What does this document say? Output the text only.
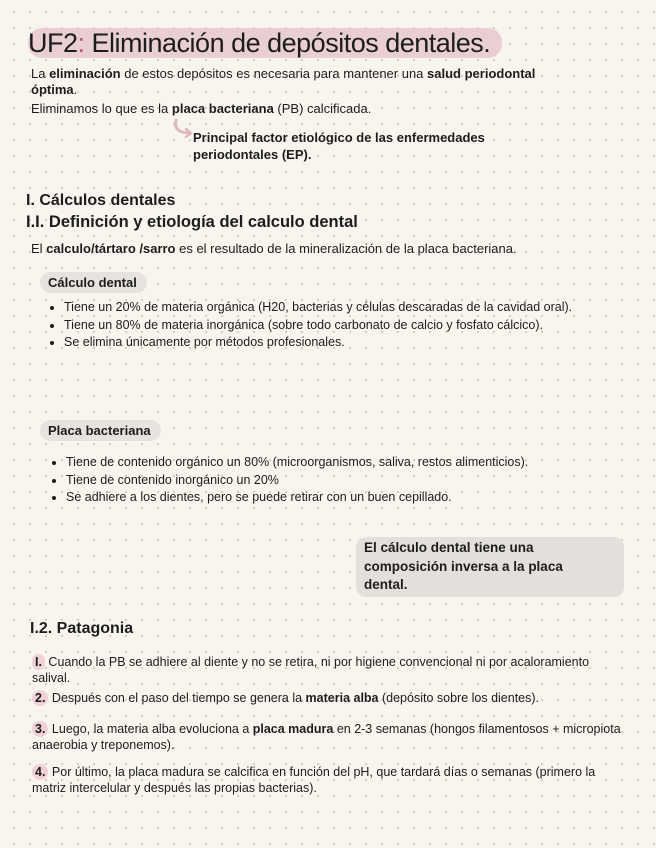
UF2: Eliminación de depósitos dentales.
La eliminación de estos depósitos es necesaria para mantener una salud periodontal
óptima.
Eliminamos lo que es la placa bacteriana (PB) calcificada.
Principal factor etiológico de las enfermedades
periodontales (EP).
I. Cálculos dentales
I.I. Definición y etiología del calculo dental
El calculo/tártaro /sarro es el resultado de la mineralización de la placa bacteriana.
Cálculo dental
• Tiene un 20% de materia orgánica (H20, bacterias y células descaradas de la cavidad oral).
• Tiene un 80% de materia inorgánica (sobre todo carbonato de calcio y fosfato cálcico).
• Se elimina únicamente por métodos profesionales.
Placa bacteriana
• Tiene de contenido orgánico un 80% (microorganismos, saliva, restos alimenticios).
• Tiene de contenido inorgánico un 20%
• Se adhiere a los dientes, pero se puede retirar con un buen cepillado.
El cálculo dental tiene una
composición inversa a la placa
dental.
I.2. Patagonia
I. Cuando la PB se adhiere al diente y no se retira, ni por higiene convencional ni por acaloramiento salival.
2. Después con el paso del tiempo se genera la materia alba (depósito sobre los dientes).
3. Luego, la materia alba evoluciona a placa madura en 2-3 semanas (hongos filamentosos + micropiota anaerobia y treponemos).
4. Por último, la placa madura se calcifica en función del pH, que tardará días o semanas (primero la matriz intercelular y después las propias bacterias).
